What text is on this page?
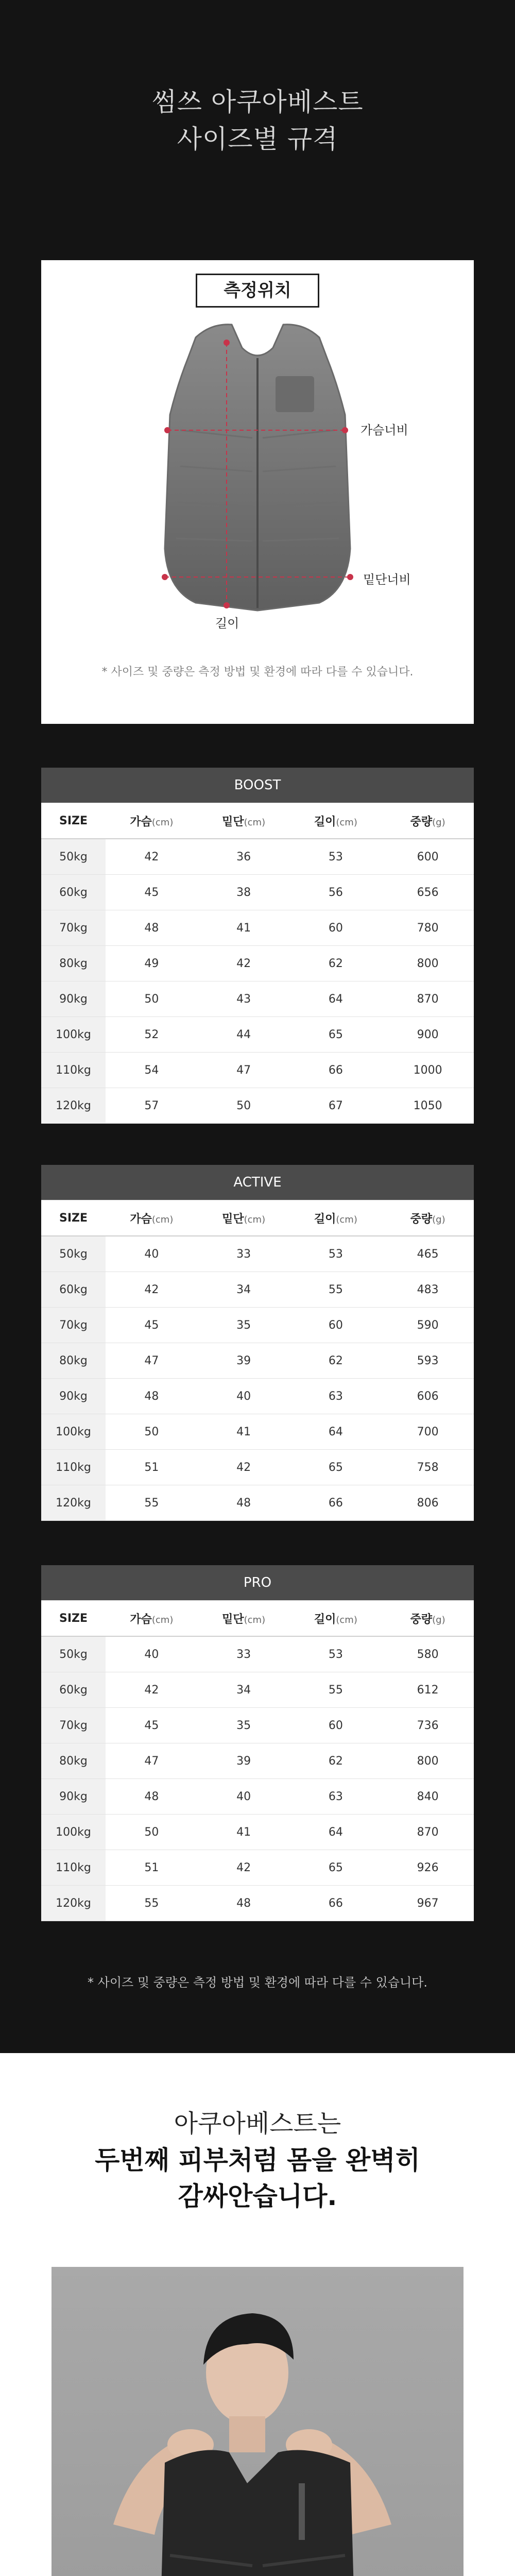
썸쓰 아쿠아베스트
사이즈별 규격
측정위치
가슴너비
밑단너비
길이
* 사이즈 및 중량은 측정 방법 및 환경에 따라 다를 수 있습니다.
BOOST				
SIZE	가슴(cm)	밑단(cm)	길이(cm)	중량(g)
50kg	42	36	53	600
60kg	45	38	56	656
70kg	48	41	60	780
80kg	49	42	62	800
90kg	50	43	64	870
100kg	52	44	65	900
110kg	54	47	66	1000
120kg	57	50	67	1050
ACTIVE				
SIZE	가슴(cm)	밑단(cm)	길이(cm)	중량(g)
50kg	40	33	53	465
60kg	42	34	55	483
70kg	45	35	60	590
80kg	47	39	62	593
90kg	48	40	63	606
100kg	50	41	64	700
110kg	51	42	65	758
120kg	55	48	66	806
PRO				
SIZE	가슴(cm)	밑단(cm)	길이(cm)	중량(g)
50kg	40	33	53	580
60kg	42	34	55	612
70kg	45	35	60	736
80kg	47	39	62	800
90kg	48	40	63	840
100kg	50	41	64	870
110kg	51	42	65	926
120kg	55	48	66	967
* 사이즈 및 중량은 측정 방법 및 환경에 따라 다를 수 있습니다.
아쿠아베스트는
두번째 피부처럼 몸을 완벽히
감싸안습니다.
